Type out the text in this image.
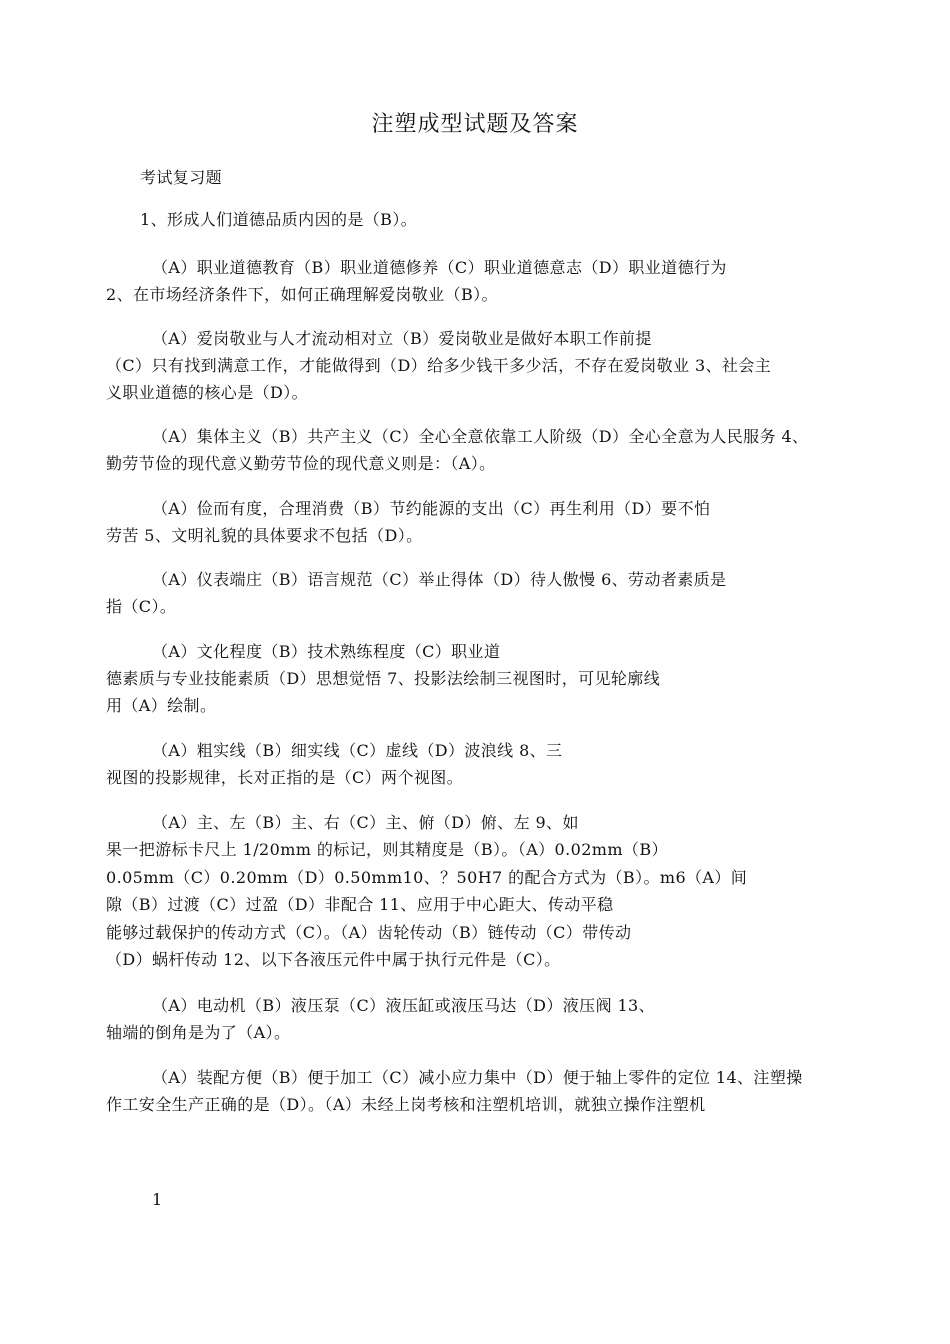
注塑成型试题及答案
考试复习题
1、形成人们道德品质内因的是（B）。
（A）职业道德教育（B）职业道德修养（C）职业道德意志（D）职业道德行为
2、在市场经济条件下，如何正确理解爱岗敬业（B）。
（A）爱岗敬业与人才流动相对立（B）爱岗敬业是做好本职工作前提
（C）只有找到满意工作，才能做得到（D）给多少钱干多少活，不存在爱岗敬业 3、社会主
义职业道德的核心是（D）。
（A）集体主义（B）共产主义（C）全心全意依靠工人阶级（D）全心全意为人民服务 4、
勤劳节俭的现代意义勤劳节俭的现代意义则是：（A）。
（A）俭而有度，合理消费（B）节约能源的支出（C）再生利用（D）要不怕
劳苦 5、文明礼貌的具体要求不包括（D）。
（A）仪表端庄（B）语言规范（C）举止得体（D）待人傲慢 6、劳动者素质是
指（C）。
（A）文化程度（B）技术熟练程度（C）职业道
德素质与专业技能素质（D）思想觉悟 7、投影法绘制三视图时，可见轮廓线
用（A）绘制。
（A）粗实线（B）细实线（C）虚线（D）波浪线 8、三
视图的投影规律，长对正指的是（C）两个视图。
（A）主、左（B）主、右（C）主、俯（D）俯、左 9、如
果一把游标卡尺上 1/20mm 的标记，则其精度是（B）。（A）0.02mm（B）
0.05mm（C）0.20mm（D）0.50mm10、？50H7 的配合方式为（B）。m6（A）间
隙（B）过渡（C）过盈（D）非配合 11、应用于中心距大、传动平稳
能够过载保护的传动方式（C）。（A）齿轮传动（B）链传动（C）带传动
（D）蜗杆传动 12、以下各液压元件中属于执行元件是（C）。
（A）电动机（B）液压泵（C）液压缸或液压马达（D）液压阀 13、
轴端的倒角是为了（A）。
（A）装配方便（B）便于加工（C）减小应力集中（D）便于轴上零件的定位 14、注塑操
作工安全生产正确的是（D）。（A）未经上岗考核和注塑机培训，就独立操作注塑机
1
